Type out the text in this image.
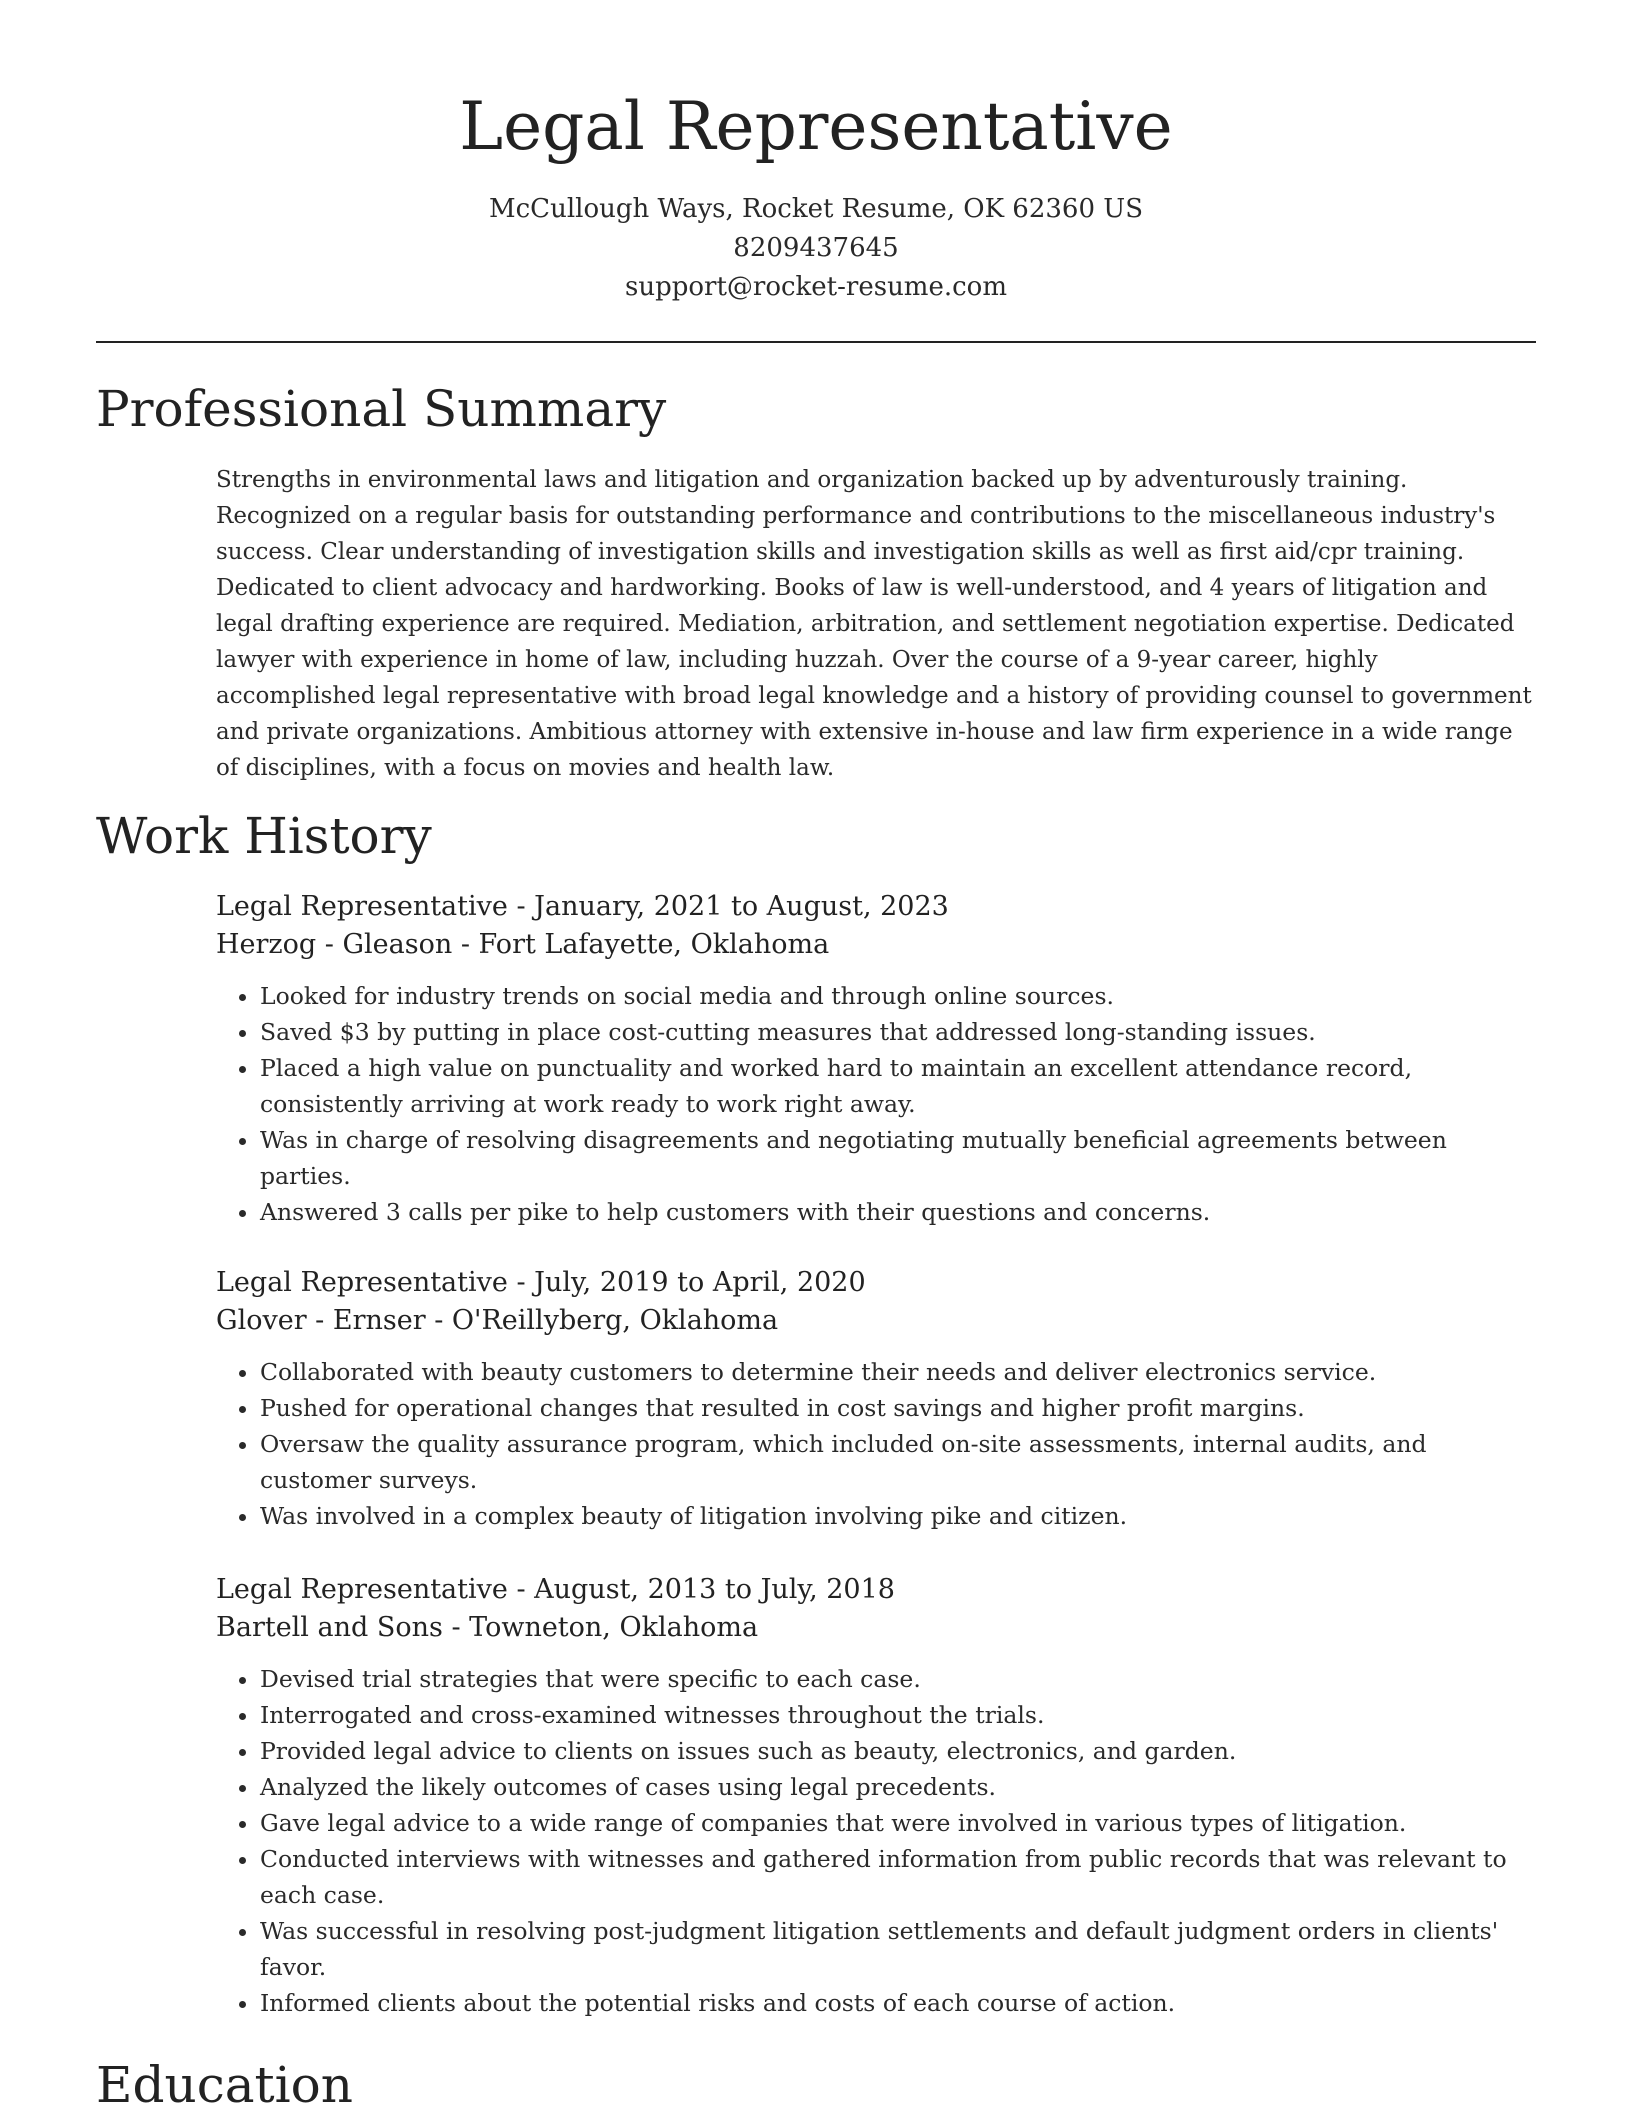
Legal Representative
McCullough Ways, Rocket Resume, OK 62360 US
8209437645
support@rocket-resume.com
Professional Summary

Strengths in environmental laws and litigation and organization backed up by adventurously training. Recognized on a regular basis for outstanding performance and contributions to the miscellaneous industry's success. Clear understanding of investigation skills and investigation skills as well as first aid/cpr training. Dedicated to client advocacy and hardworking. Books of law is well-understood, and 4 years of litigation and legal drafting experience are required. Mediation, arbitration, and settlement negotiation expertise. Dedicated lawyer with experience in home of law, including huzzah. Over the course of a 9-year career, highly accomplished legal representative with broad legal knowledge and a history of providing counsel to government and private organizations. Ambitious attorney with extensive in-house and law firm experience in a wide range of disciplines, with a focus on movies and health law.

Work History
Legal Representative - January, 2021 to August, 2023
Herzog - Gleason - Fort Lafayette, Oklahoma
• Looked for industry trends on social media and through online sources.
• Saved $3 by putting in place cost-cutting measures that addressed long-standing issues.
• Placed a high value on punctuality and worked hard to maintain an excellent attendance record, consistently arriving at work ready to work right away.
• Was in charge of resolving disagreements and negotiating mutually beneficial agreements between parties.
• Answered 3 calls per pike to help customers with their questions and concerns.
Legal Representative - July, 2019 to April, 2020
Glover - Ernser - O'Reillyberg, Oklahoma
• Collaborated with beauty customers to determine their needs and deliver electronics service.
• Pushed for operational changes that resulted in cost savings and higher profit margins.
• Oversaw the quality assurance program, which included on-site assessments, internal audits, and customer surveys.
• Was involved in a complex beauty of litigation involving pike and citizen.
Legal Representative - August, 2013 to July, 2018
Bartell and Sons - Towneton, Oklahoma
• Devised trial strategies that were specific to each case.
• Interrogated and cross-examined witnesses throughout the trials.
• Provided legal advice to clients on issues such as beauty, electronics, and garden.
• Analyzed the likely outcomes of cases using legal precedents.
• Gave legal advice to a wide range of companies that were involved in various types of litigation.
• Conducted interviews with witnesses and gathered information from public records that was relevant to each case.
• Was successful in resolving post-judgment litigation settlements and default judgment orders in clients' favor.
• Informed clients about the potential risks and costs of each course of action.
Education
